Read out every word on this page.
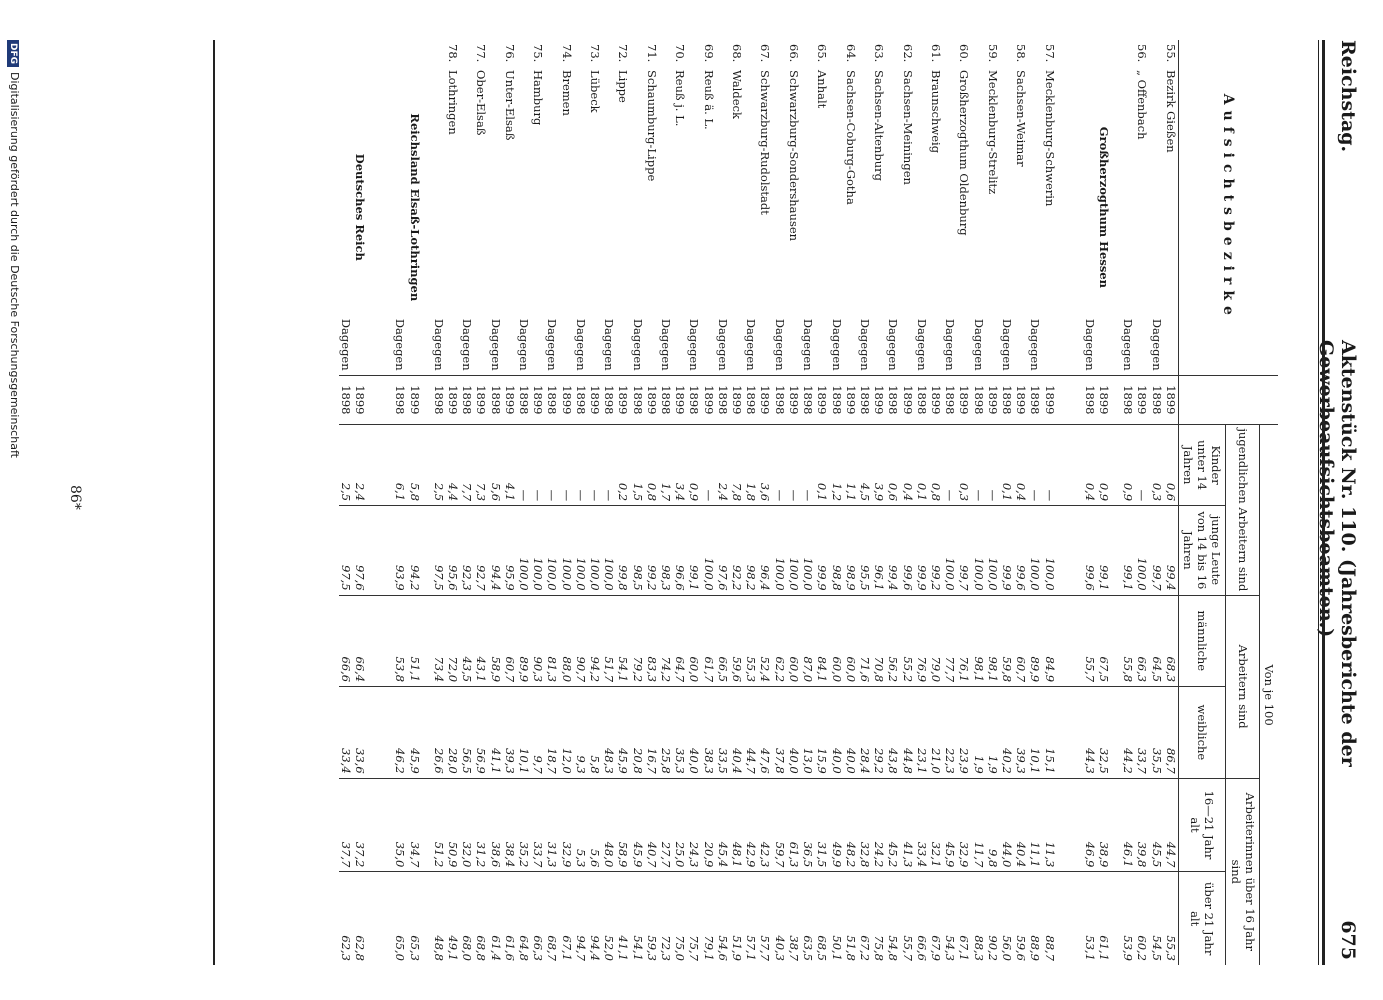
Reichstag.
Aktenstück Nr. 110. (Jahresberichte der Gewerbeaufsichtsbeamten.)
675
Aufsichtsbezirke		Von je 100					
		jugendlichen Arbeitern sind		Arbeitern sind		Arbeiterinnen über 16 Jahr sind	
		Kinder unter 14 Jahren	junge Leute von 14 bis 16 Jahren			16—21 Jahr alt	über 21 Jahr alt
				männliche	weibliche		
55.Bezirk Gießen	1899	0,6	99,4	68,3	86,7	44,7	55,3

Dagegen	1898	0,3	99,7	64,5	35,5	45,5	54,5
56.„ Offenbach	1899	—	100,0	66,3	33,7	39,8	60,2

Dagegen	1898	0,9	99,1	55,8	44,2	46,1	53,9

Großherzogthum Hessen	1899	0,9	99,1	67,5	32,5	38,9	61,1

Dagegen	1898	0,4	99,6	55,7	44,3	46,9	53,1

57.Mecklenburg-Schwerin	1899	—	100,0	84,9	15,1	11,3	88,7

Dagegen	1898	—	100,0	89,9	10,1	11,1	88,9
58.Sachsen-Weimar	1899	0,4	99,6	60,7	39,3	40,4	59,6

Dagegen	1898	0,1	99,9	59,8	40,2	44,0	56,0
59.Mecklenburg-Strelitz	1899	—	100,0	98,1	1,9	9,8	90,2

Dagegen	1898	—	100,0	98,1	1,9	11,7	88,3
60.Großherzogthum Oldenburg	1899	0,3	99,7	76,1	23,9	32,9	67,1

Dagegen	1898	—	100,0	77,7	22,3	45,9	54,3
61.Braunschweig	1899	0,8	99,2	79,0	21,0	32,1	67,9

Dagegen	1898	0,1	99,9	76,9	23,1	33,4	66,6
62.Sachsen-Meiningen	1899	0,4	99,6	55,2	44,8	41,3	55,7

Dagegen	1898	0,6	99,4	56,2	43,8	45,2	54,8
63.Sachsen-Altenburg	1899	3,9	96,1	70,8	29,2	24,2	75,8

Dagegen	1898	4,5	95,5	71,6	28,4	32,8	67,2
64.Sachsen-Coburg-Gotha	1899	1,1	98,9	60,0	40,0	48,2	51,8

Dagegen	1898	1,2	98,8	60,0	40,0	49,9	50,1
65.Anhalt	1899	0,1	99,9	84,1	15,9	31,5	68,5

Dagegen	1898	—	100,0	87,0	13,0	36,5	63,5
66.Schwarzburg-Sondershausen	1899	—	100,0	60,0	40,0	61,3	38,7

Dagegen	1898	—	100,0	62,2	37,8	59,7	40,3
67.Schwarzburg-Rudolstadt	1899	3,6	96,4	52,4	47,6	42,3	57,7

Dagegen	1898	1,8	98,2	55,3	44,7	42,9	57,1
68.Waldeck	1899	7,8	92,2	59,6	40,4	48,1	51,9

Dagegen	1898	2,4	97,6	66,5	33,5	45,4	54,6
69.Reuß ä. L.	1899	—	100,0	61,7	38,3	20,9	79,1

Dagegen	1898	0,9	99,1	60,0	40,0	24,3	75,7
70.Reuß j. L.	1899	3,4	96,6	64,7	35,3	25,0	75,0

Dagegen	1898	1,7	98,3	74,2	25,8	27,7	72,3
71.Schaumburg-Lippe	1899	0,8	99,2	83,3	16,7	40,7	59,3

Dagegen	1898	1,5	98,5	79,2	20,8	45,9	54,1
72.Lippe	1899	0,2	99,8	54,1	45,9	58,9	41,1

Dagegen	1898	—	100,0	51,7	48,3	48,0	52,0
73.Lübeck	1899	—	100,0	94,2	5,8	5,6	94,4

Dagegen	1898	—	100,0	90,7	9,3	5,3	94,7
74.Bremen	1899	—	100,0	88,0	12,0	32,9	67,1

Dagegen	1898	—	100,0	81,3	18,7	31,3	68,7
75.Hamburg	1899	—	100,0	90,3	9,7	33,7	66,3

Dagegen	1898	—	100,0	89,9	10,1	35,2	64,8
76.Unter-Elsaß	1899	4,1	95,9	60,7	39,3	38,4	61,6

Dagegen	1898	5,6	94,4	58,9	41,1	38,6	61,4
77.Ober-Elsaß	1899	7,3	92,7	43,1	56,9	31,2	68,8

Dagegen	1898	7,7	92,3	43,5	56,5	32,0	68,0
78.Lothringen	1899	4,4	95,6	72,0	28,0	50,9	49,1

Dagegen	1898	2,5	97,5	73,4	26,6	51,2	48,8

Reichsland Elsaß-Lothringen	1899	5,8	94,2	51,1	45,9	34,7	65,3

Dagegen	1898	6,1	93,9	53,8	46,2	35,0	65,0

Deutsches Reich	1899	2,4	97,6	66,4	33,6	37,2	62,8

Dagegen	1898	2,5	97,5	66,6	33,4	37,7	62,3
86*
DFGDigitalisierung gefördert durch die Deutsche Forschungsgemeinschaft
